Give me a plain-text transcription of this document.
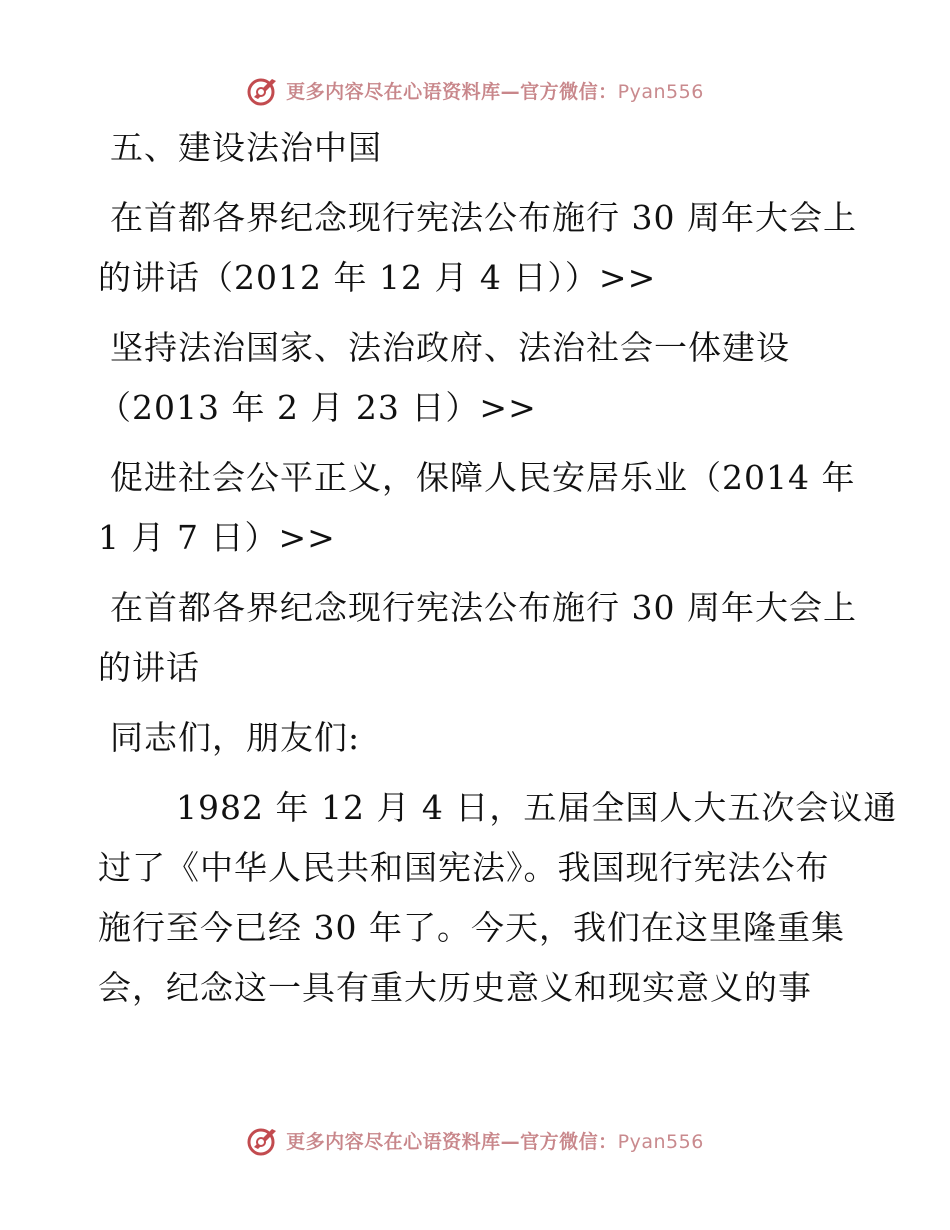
更多内容尽在心语资料库—官方微信：Pyan556
五、建设法治中国
在首都各界纪念现行宪法公布施行 30 周年大会上
的讲话（2012 年 12 月 4 日））>>
坚持法治国家、法治政府、法治社会一体建设
（2013 年 2 月 23 日）>>
促进社会公平正义，保障人民安居乐业（2014 年
1 月 7 日）>>
在首都各界纪念现行宪法公布施行 30 周年大会上
的讲话
同志们，朋友们:
1982 年 12 月 4 日，五届全国人大五次会议通
过了《中华人民共和国宪法》。我国现行宪法公布
施行至今已经 30 年了。今天，我们在这里隆重集
会，纪念这一具有重大历史意义和现实意义的事
更多内容尽在心语资料库—官方微信：Pyan556
